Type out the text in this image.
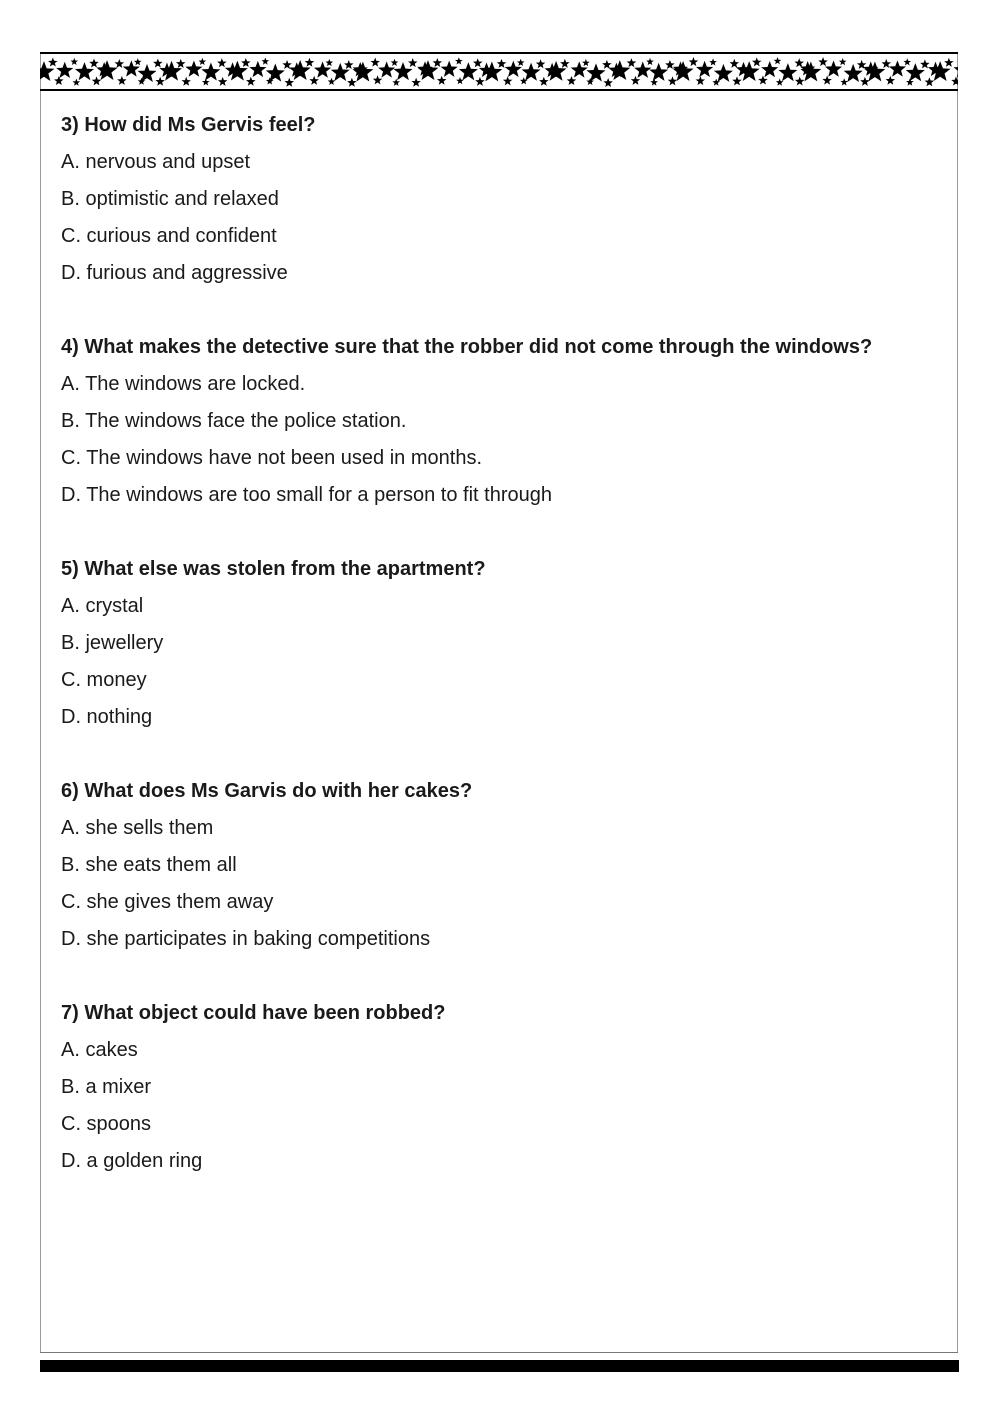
3) How did Ms Gervis feel?

A. nervous and upset

B. optimistic and relaxed

C. curious and confident

D. furious and aggressive

4) What makes the detective sure that the robber did not come through the windows?

A. The windows are locked.

B. The windows face the police station.

C. The windows have not been used in months.

D. The windows are too small for a person to fit through

5) What else was stolen from the apartment?

A. crystal

B. jewellery

C. money

D. nothing

6) What does Ms Garvis do with her cakes?

A. she sells them

B. she eats them all

C. she gives them away

D. she participates in baking competitions

7) What object could have been robbed?

A. cakes

B. a mixer

C. spoons

D. a golden ring
